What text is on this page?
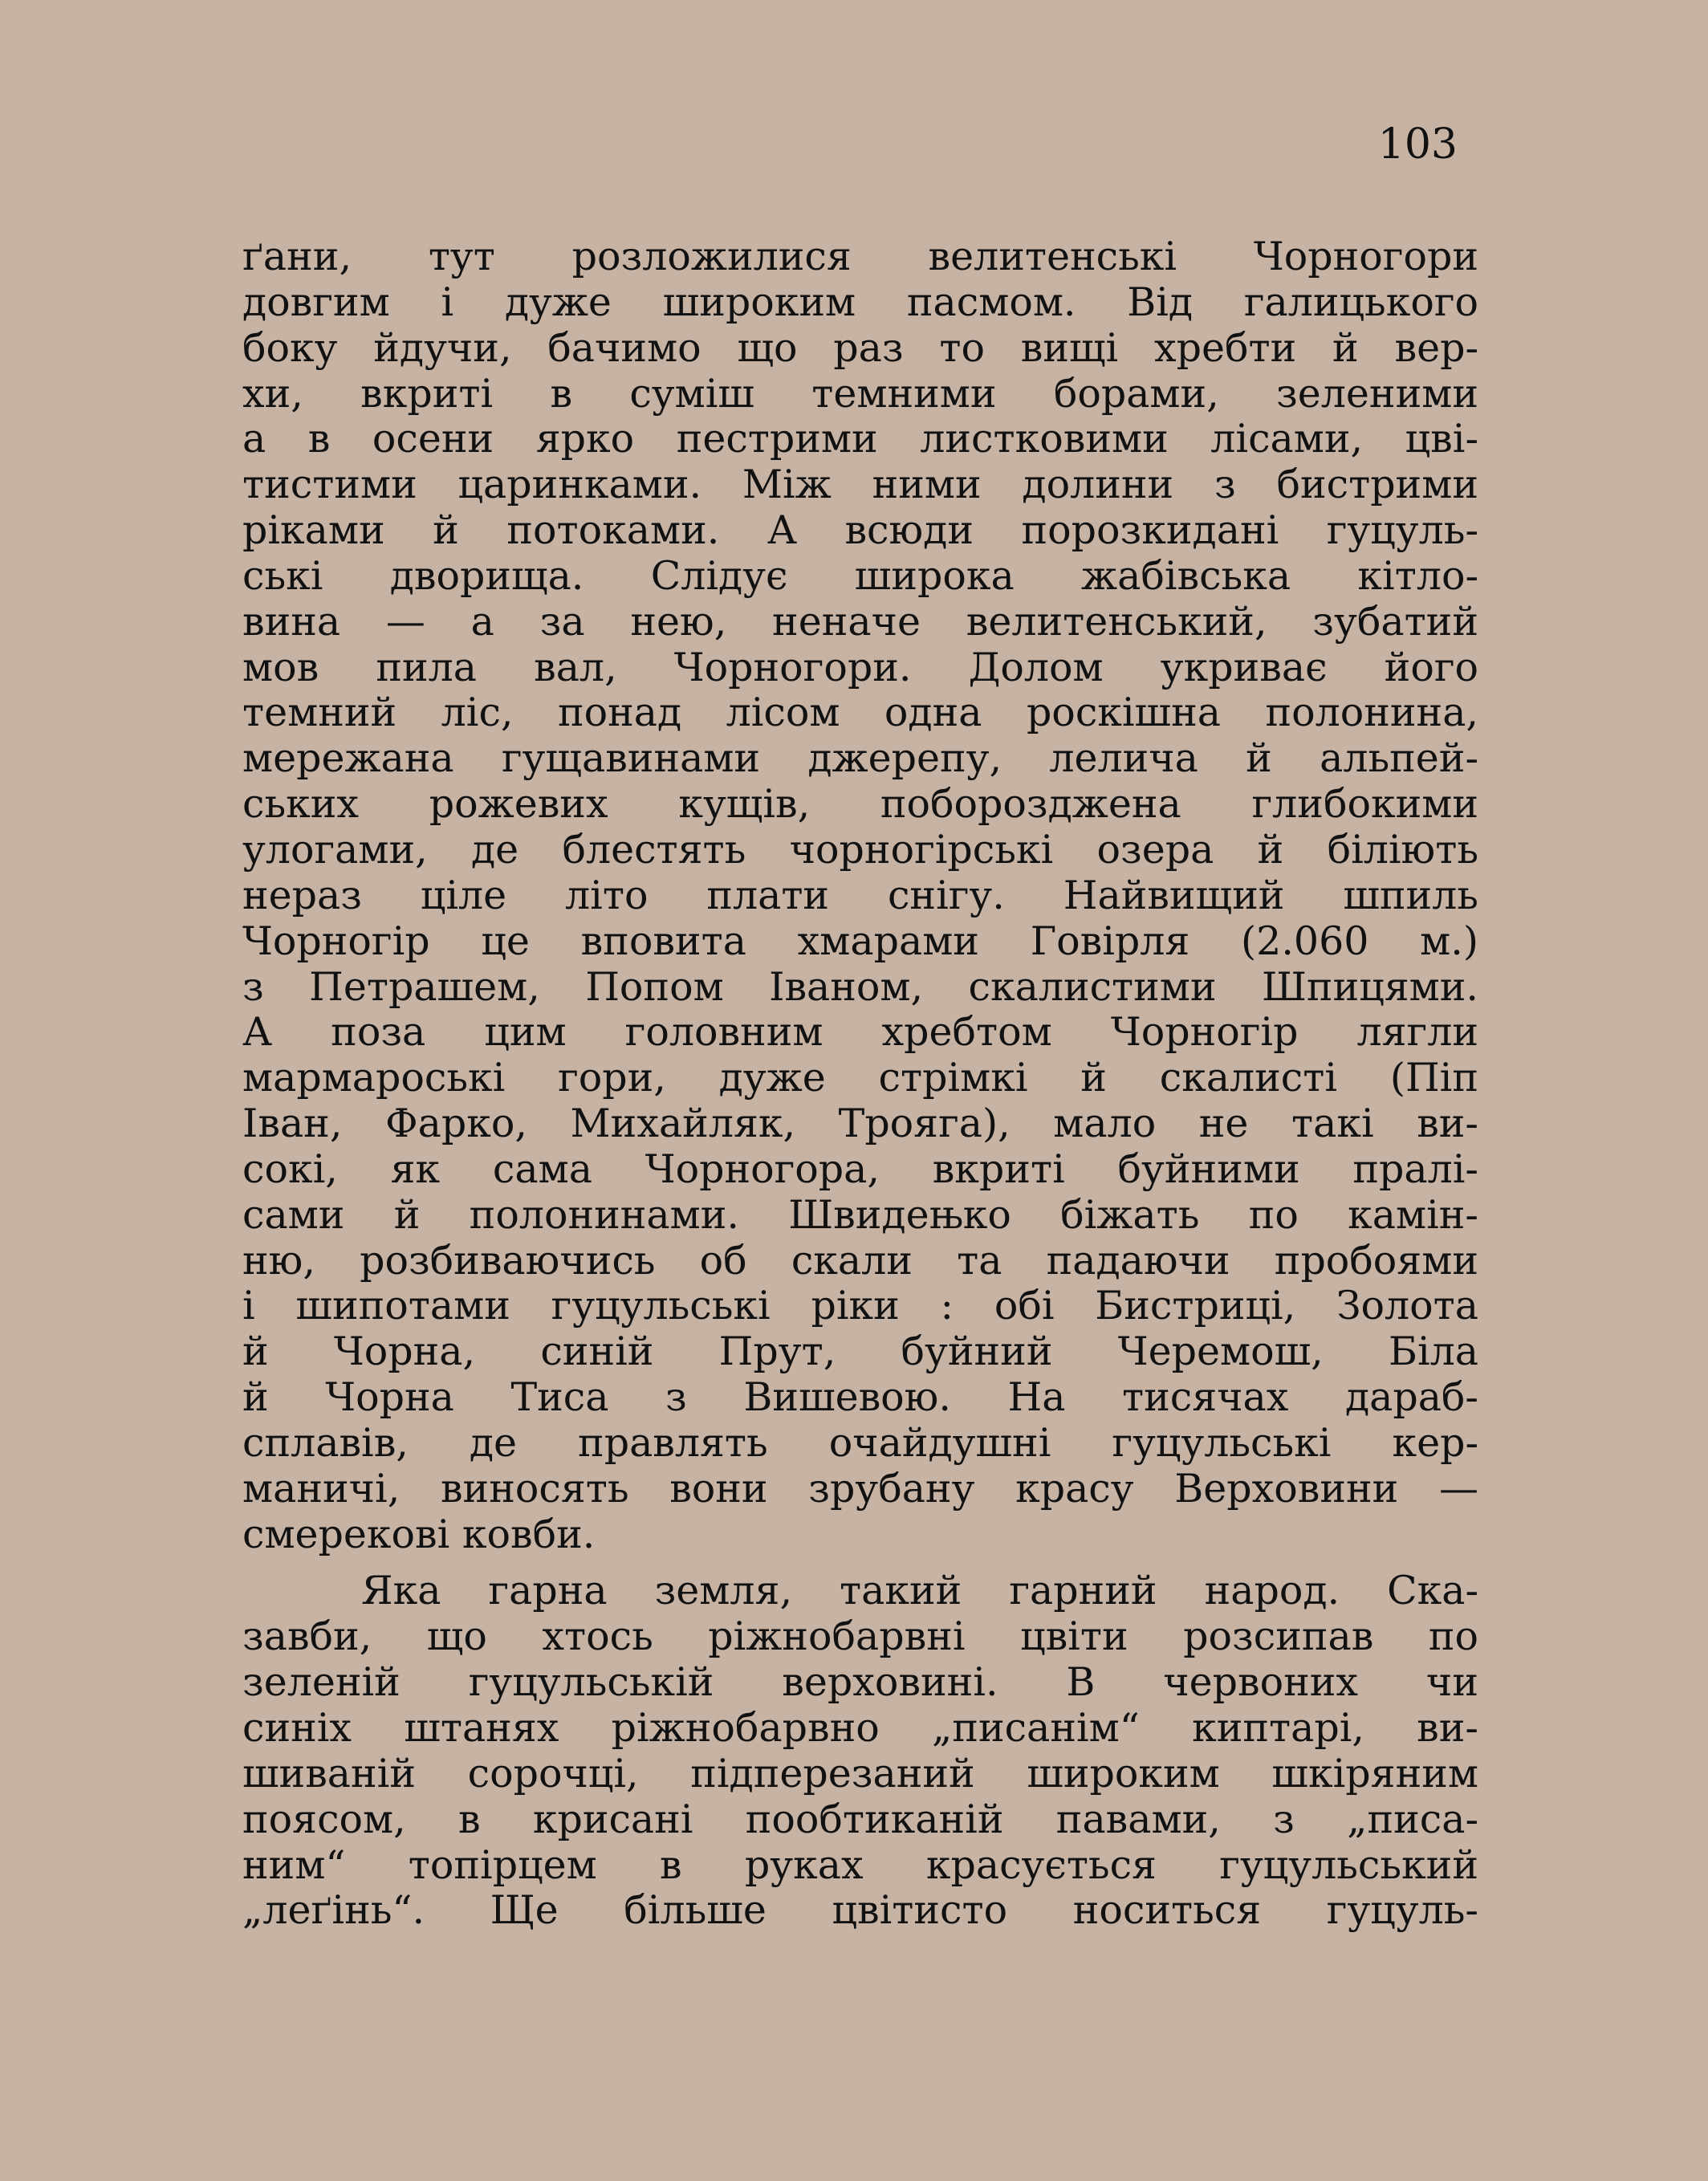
103
ґани, тут розложилися велитенські Чорногори
довгим і дуже широким пасмом. Від галицького
боку йдучи, бачимо що раз то вищі хребти й вер-
хи, вкриті в суміш темними борами, зеленими
а в осени ярко пестрими листковими лісами, цві-
тистими царинками. Між ними долини з бистрими
ріками й потоками. А всюди порозкидані гуцуль-
ські дворища. Слідує широка жабівська кітло-
вина — а за нею, неначе велитенський, зубатий
мов пила вал, Чорногори. Долом укриває його
темний ліс, понад лісом одна роскішна полонина,
мережана гущавинами джерепу, лелича й альпей-
ських рожевих кущів, поборозджена глибокими
улогами, де блестять чорногірські озера й біліють
нераз ціле літо плати снігу. Найвищий шпиль
Чорногір це вповита хмарами Говірля (2.060 м.)
з Петрашем, Попом Іваном, скалистими Шпицями.
А поза цим головним хребтом Чорногір лягли
мармароські гори, дуже стрімкі й скалисті (Піп
Іван, Фарко, Михайляк, Трояга), мало не такі ви-
сокі, як сама Чорногора, вкриті буйними пралі-
сами й полонинами. Швидењко біжать по камін-
ню, розбиваючись об скали та падаючи пробоями
і шипотами гуцульські ріки : обі Бистриці, Золота
й Чорна, синій Прут, буйний Черемош, Біла
й Чорна Тиса з Вишевою. На тисячах дараб-
сплавів, де правлять очайдушні гуцульські кер-
маничі, виносять вони зрубану красу Верховини —
смерекові ковби.
Яка гарна земля, такий гарний народ. Ска-
завби, що хтось ріжнобарвні цвіти розсипав по
зеленій гуцульській верховині. В червоних чи
синіх штанях ріжнобарвно „писанім“ киптарі, ви-
шиваній сорочці, підперезаний широким шкіряним
поясом, в крисані пообтиканій павами, з „писа-
ним“ топірцем в руках красується гуцульський
„леґінь“. Ще більше цвітисто носиться гуцуль-
